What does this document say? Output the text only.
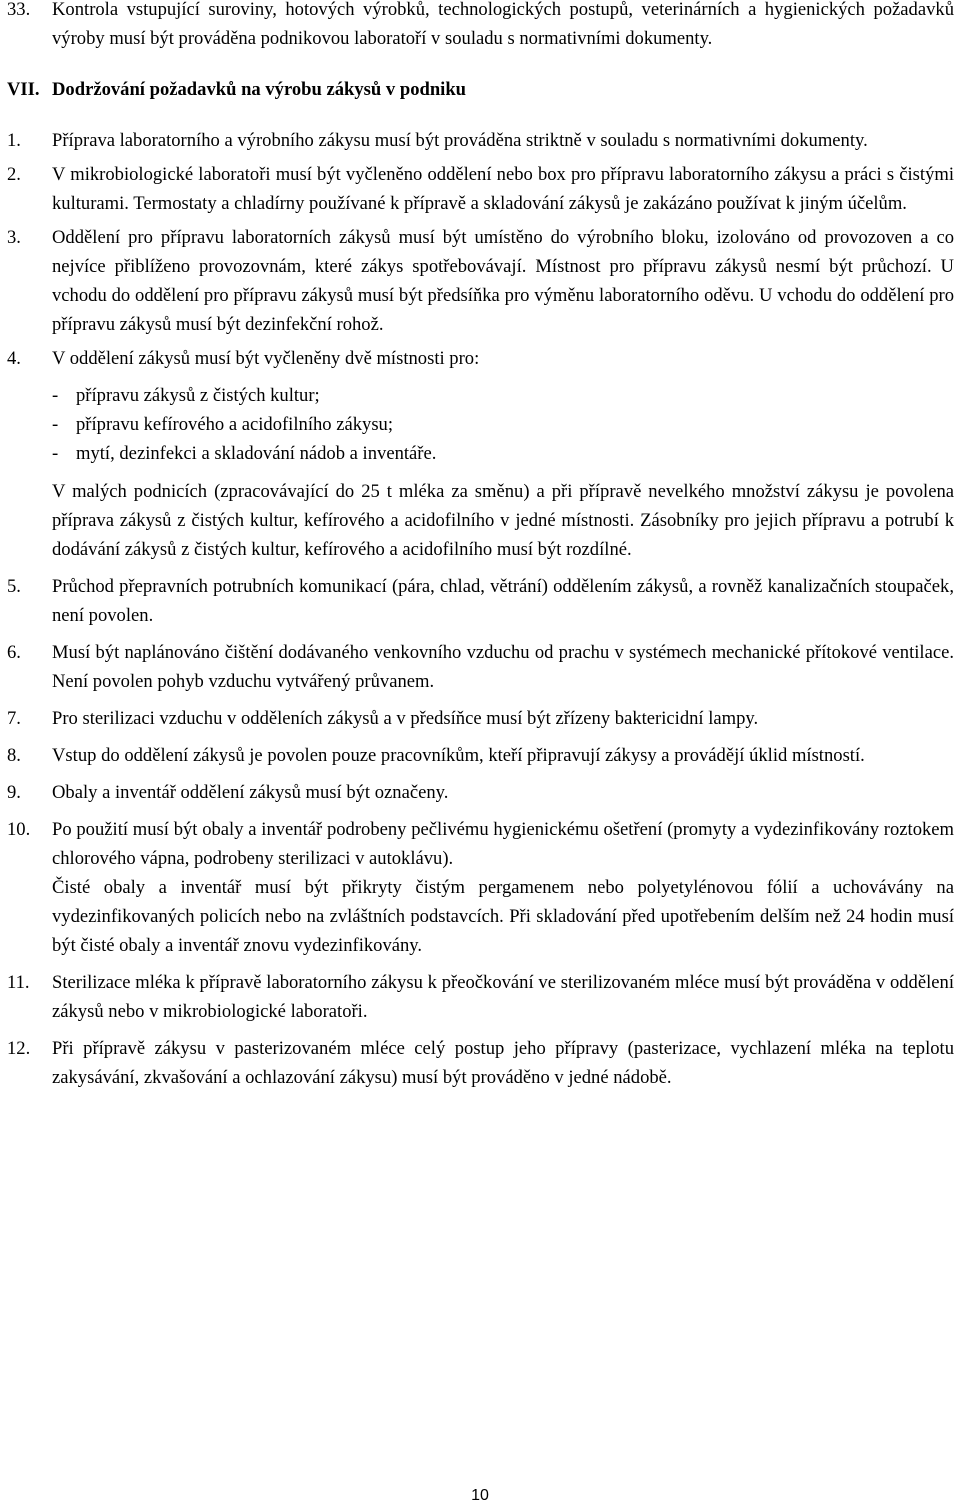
33.	Kontrola vstupující suroviny, hotových výrobků, technologických postupů, veterinárních a hygienických požadavků výroby musí být prováděna podnikovou laboratoří v souladu s normativními dokumenty.

VII. Dodržování požadavků na výrobu zákysů v podniku
1.	Příprava laboratorního a výrobního zákysu musí být prováděna striktně v souladu s normativními dokumenty.

2.	V mikrobiologické laboratoři musí být vyčleněno oddělení nebo box pro přípravu laboratorního zákysu a práci s čistými kulturami. Termostaty a chladírny používané k přípravě a skladování zákysů je zakázáno používat k jiným účelům.

3.	Oddělení pro přípravu laboratorních zákysů musí být umístěno do výrobního bloku, izolováno od provozoven a co nejvíce přiblíženo provozovnám, které zákys spotřebovávají. Místnost pro přípravu zákysů nesmí být průchozí. U vchodu do oddělení pro přípravu zákysů musí být předsíňka pro výměnu laboratorního oděvu. U vchodu do oddělení pro přípravu zákysů musí být dezinfekční rohož.

4.	V oddělení zákysů musí být vyčleněny dvě místnosti pro:

- přípravu zákysů z čistých kultur;
- přípravu kefírového a acidofilního zákysu;
- mytí, dezinfekci a skladování nádob a inventáře.

V malých podnicích (zpracovávající do 25 t mléka za směnu) a při přípravě nevelkého množství zákysu je povolena příprava zákysů z čistých kultur, kefírového a acidofilního v jedné místnosti. Zásobníky pro jejich přípravu a potrubí k dodávání zákysů z čistých kultur, kefírového a acidofilního musí být rozdílné.

5.	Průchod přepravních potrubních komunikací (pára, chlad, větrání) oddělením zákysů, a rovněž kanalizačních stoupaček, není povolen.

6.	Musí být naplánováno čištění dodávaného venkovního vzduchu od prachu v systémech mechanické přítokové ventilace. Není povolen pohyb vzduchu vytvářený průvanem.

7.	Pro sterilizaci vzduchu v odděleních zákysů a v předsíňce musí být zřízeny baktericidní lampy.

8.	Vstup do oddělení zákysů je povolen pouze pracovníkům, kteří připravují zákysy a provádějí úklid místností.

9.	Obaly a inventář oddělení zákysů musí být označeny.

10.	Po použití musí být obaly a inventář podrobeny pečlivému hygienickému ošetření (promyty a vydezinfikovány roztokem chlorového vápna, podrobeny sterilizaci v autoklávu).

Čisté obaly a inventář musí být přikryty čistým pergamenem nebo polyetylénovou fólií a uchovávány na vydezinfikovaných policích nebo na zvláštních podstavcích. Při skladování před upotřebením delším než 24 hodin musí být čisté obaly a inventář znovu vydezinfikovány.

11.	Sterilizace mléka k přípravě laboratorního zákysu k přeočkování ve sterilizovaném mléce musí být prováděna v oddělení zákysů nebo v mikrobiologické laboratoři.

12.	Při přípravě zákysu v pasterizovaném mléce celý postup jeho přípravy (pasterizace, vychlazení mléka na teplotu zakysávání, zkvašování a ochlazování zákysu) musí být prováděno v jedné nádobě.

10
